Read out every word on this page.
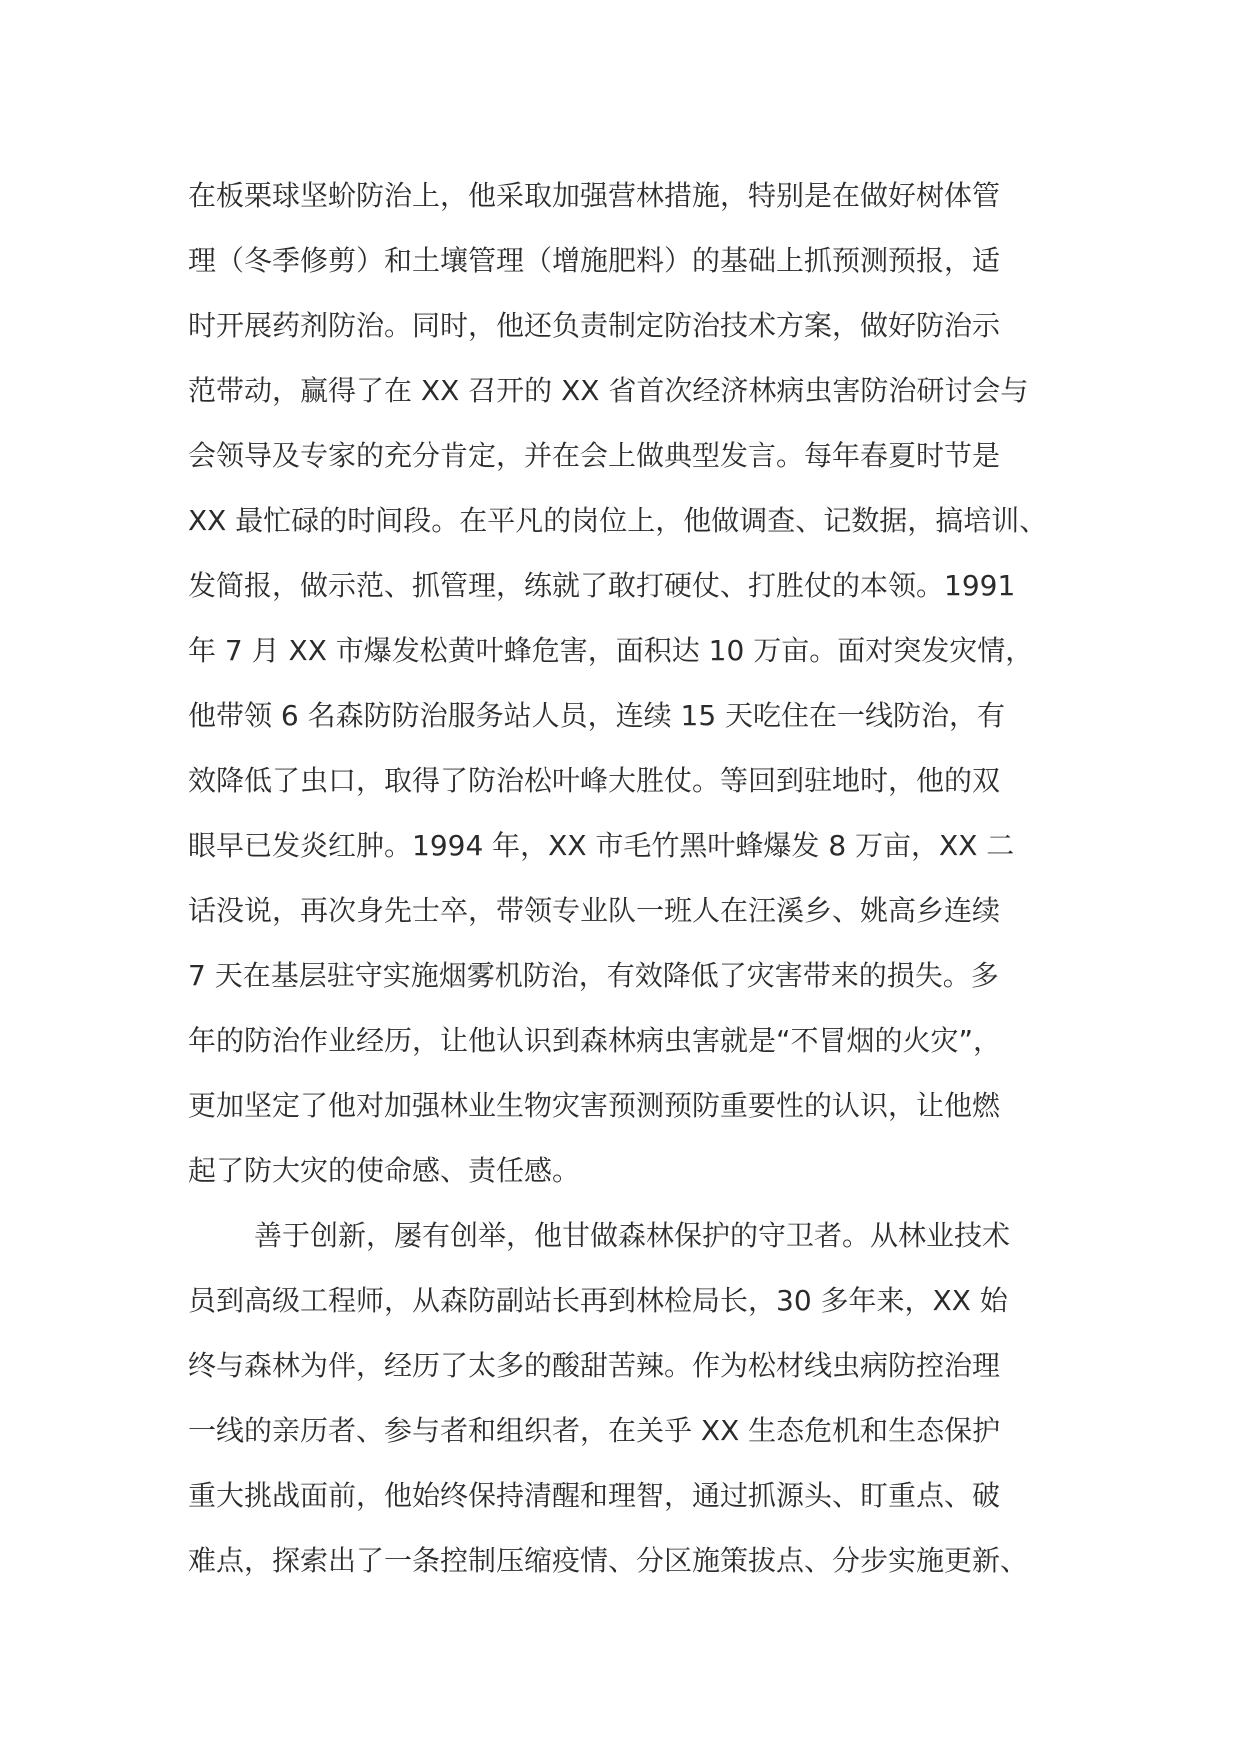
在板栗球坚蚧防治上，他采取加强营林措施，特别是在做好树体管
理（冬季修剪）和土壤管理（增施肥料）的基础上抓预测预报，适
时开展药剂防治。同时，他还负责制定防治技术方案，做好防治示
范带动，赢得了在 XX 召开的 XX 省首次经济林病虫害防治研讨会与
会领导及专家的充分肯定，并在会上做典型发言。每年春夏时节是
XX 最忙碌的时间段。在平凡的岗位上，他做调查、记数据，搞培训、
发简报，做示范、抓管理，练就了敢打硬仗、打胜仗的本领。1991
年 7 月 XX 市爆发松黄叶蜂危害，面积达 10 万亩。面对突发灾情，
他带领 6 名森防防治服务站人员，连续 15 天吃住在一线防治，有
效降低了虫口，取得了防治松叶峰大胜仗。等回到驻地时，他的双
眼早已发炎红肿。1994 年，XX 市毛竹黑叶蜂爆发 8 万亩，XX 二
话没说，再次身先士卒，带领专业队一班人在汪溪乡、姚高乡连续
7 天在基层驻守实施烟雾机防治，有效降低了灾害带来的损失。多
年的防治作业经历，让他认识到森林病虫害就是“不冒烟的火灾”，
更加坚定了他对加强林业生物灾害预测预防重要性的认识，让他燃
起了防大灾的使命感、责任感。
善于创新，屡有创举，他甘做森林保护的守卫者。从林业技术
员到高级工程师，从森防副站长再到林检局长，30 多年来，XX 始
终与森林为伴，经历了太多的酸甜苦辣。作为松材线虫病防控治理
一线的亲历者、参与者和组织者，在关乎 XX 生态危机和生态保护
重大挑战面前，他始终保持清醒和理智，通过抓源头、盯重点、破
难点，探索出了一条控制压缩疫情、分区施策拔点、分步实施更新、
